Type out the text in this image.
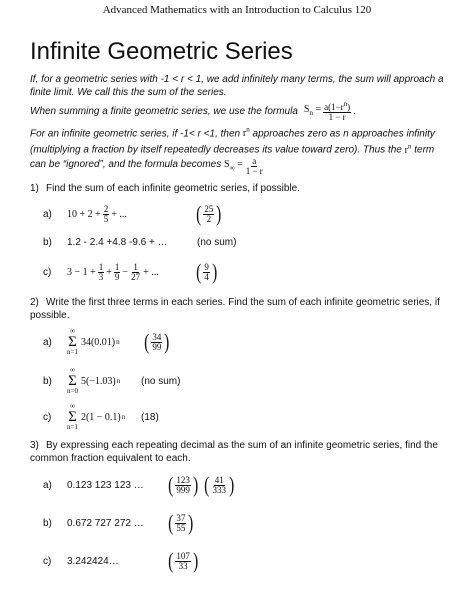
Advanced Mathematics with an Introduction to Calculus 120
Infinite Geometric Series
If, for a geometric series with -1 < r < 1, we add infinitely many terms, the sum will approach a finite limit. We call this the sum of the series.
When summing a finite geometric series, we use the formula $S_n = \frac{a(1-r^n)}{1 - r}$ .
For an infinite geometric series, if -1< r <1, then $r^n$ approaches zero as n approaches infinity (multiplying a fraction by itself repeatedly decreases its value toward zero). Thus the $r^n$ term can be “ignored”, and the formula becomes $S_\infty = \frac{a}{1 - r}$
1) Find the sum of each infinite geometric series, if possible.
a)	$10 + 2 + \frac{2}{5}$ + ...	( $\frac{25}{2}$ )
b)	1.2 - 2.4 +4.8 -9.6 + …	(no sum)
c)	$3 - 1 + \frac{1}{3} + \frac{1}{9} - \frac{1}{27}$ + ... ( $\frac{9}{4}$ )
2) Write the first three terms in each series. Find the sum of each infinite geometric series, if possible.
a)
∞
Σ
n=1
34(0.01) n ( $\frac{34}{99}$ )
b)
∞
Σ
n=0
5(−1.03) n (no sum)
c)
∞
Σ
n=1
2(1 − 0.1) n (18)
3) By expressing each repeating decimal as the sum of an infinite geometric series, find the common fraction equivalent to each.
a)	0.123 123 123 …	( $\frac{123}{999}$ ) ( $\frac{41}{333}$ )
b)	0.672 727 272 …	( $\frac{37}{55}$ )
c)	3.242424…	( $\frac{107}{33}$ )
